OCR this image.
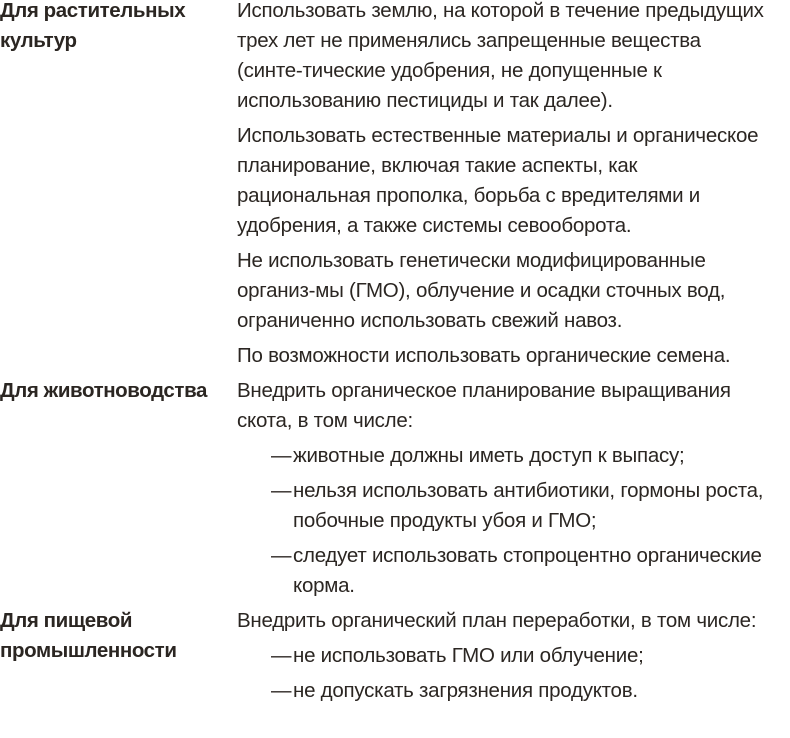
Для растительных культур

Использовать землю, на которой в течение предыдущих трех лет не применялись запрещенные вещества (синте-тические удобрения, не допущенные к использованию пестициды и так далее).

Использовать естественные материалы и органическое планирование, включая такие аспекты, как рациональная прополка, борьба с вредителями и удобрения, а также системы севооборота.

Не использовать генетически модифицированные организ-мы (ГМО), облучение и осадки сточных вод, ограниченно использовать свежий навоз.

По возможности использовать органические семена.

Для животноводства	Внедрить органическое планирование выращивания скота, в том числе:

— животные должны иметь доступ к выпасу;
— нельзя использовать антибиотики, гормоны роста, побочные продукты убоя и ГМО;
— следует использовать стопроцентно органические корма.
Для пищевой промышленности

Внедрить органический план переработки, в том числе:

— не использовать ГМО или облучение;
— не допускать загрязнения продуктов.
